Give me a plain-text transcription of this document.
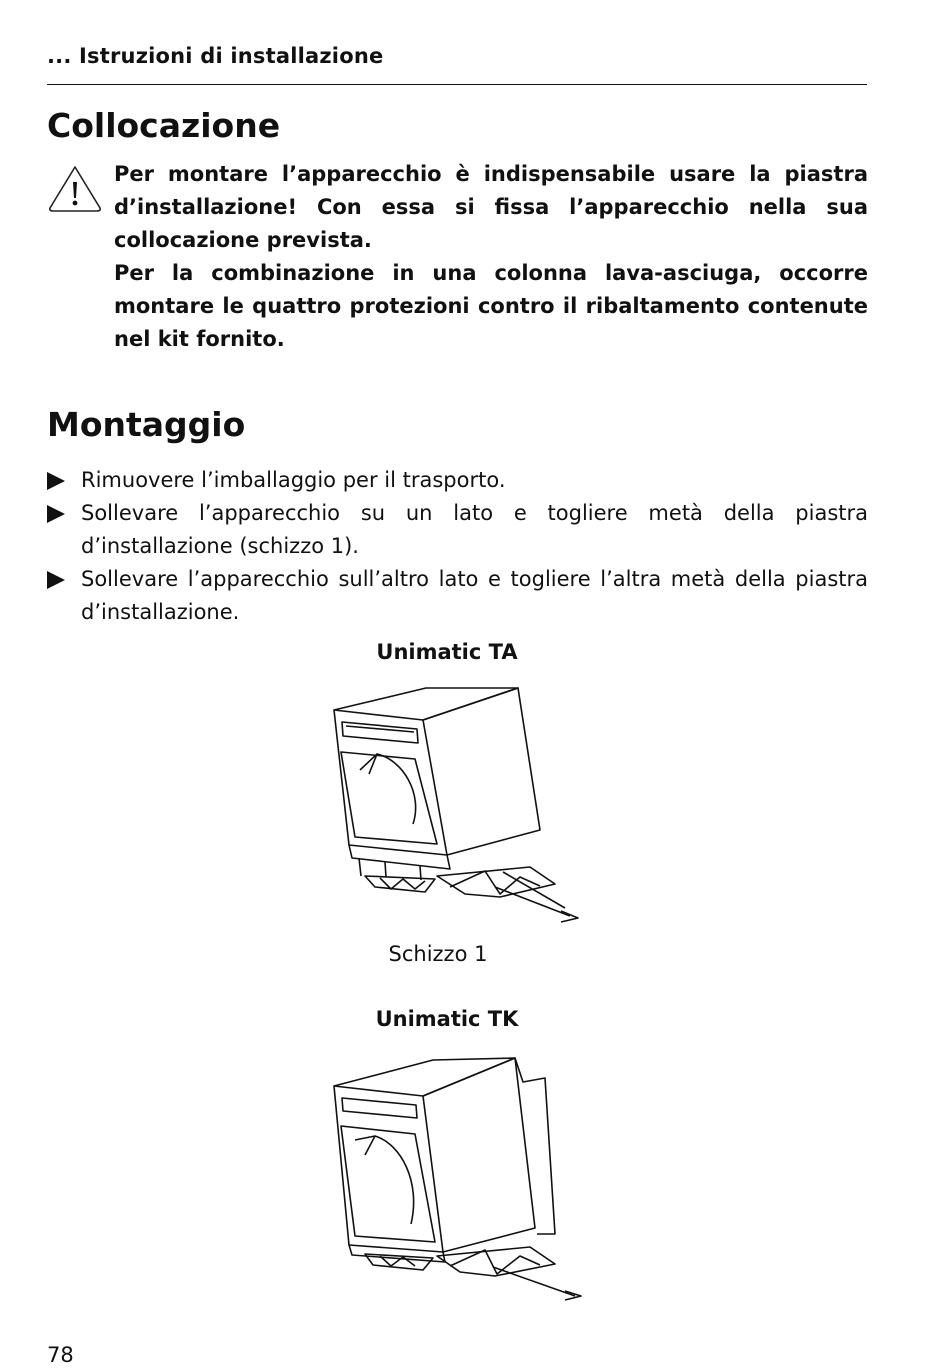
... Istruzioni di installazione
Collocazione

Per montare l’apparecchio è indispensabile usare la piastra d’installazione! Con essa si fissa l’apparecchio nella sua collocazione prevista.

Per la combinazione in una colonna lava-asciuga, occorre montare le quattro protezioni contro il ribaltamento contenute nel kit fornito.

Montaggio
Rimuovere l’imballaggio per il trasporto.
Sollevare l’apparecchio su un lato e togliere metà della piastra d’installazione (schizzo 1).
Sollevare l’apparecchio sull’altro lato e togliere l’altra metà della piastra d’installazione.
Unimatic TA
Schizzo 1
Unimatic TK
78
